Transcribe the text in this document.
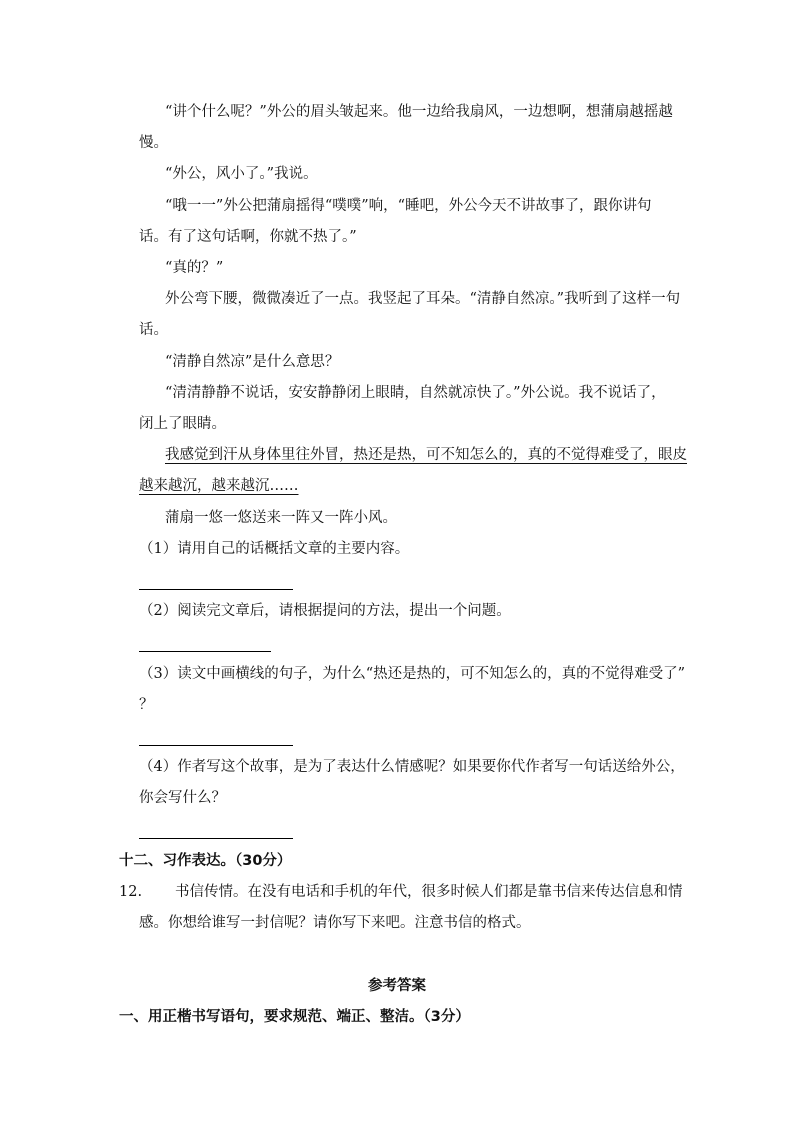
“讲个什么呢？”外公的眉头皱起来。他一边给我扇风，一边想啊，想蒲扇越摇越
慢。
“外公，风小了。”我说。
“哦一一”外公把蒲扇摇得“噗噗”响，“睡吧，外公今天不讲故事了，跟你讲句
话。有了这句话啊，你就不热了。”
“真的？”
外公弯下腰，微微凑近了一点。我竖起了耳朵。“清静自然凉。”我听到了这样一句
话。
“清静自然凉”是什么意思？
“清清静静不说话，安安静静闭上眼睛，自然就凉快了。”外公说。我不说话了，
闭上了眼睛。
我感觉到汗从身体里往外冒，热还是热，可不知怎么的，真的不觉得难受了，眼皮
越来越沉，越来越沉……
蒲扇一悠一悠送来一阵又一阵小风。
（1）请用自己的话概括文章的主要内容。
（2）阅读完文章后，请根据提问的方法，提出一个问题。
（3）读文中画横线的句子，为什么“热还是热的，可不知怎么的，真的不觉得难受了”
？
（4）作者写这个故事，是为了表达什么情感呢？如果要你代作者写一句话送给外公，
你会写什么？
十二、习作表达。（30分）
12. 书信传情。在没有电话和手机的年代，很多时候人们都是靠书信来传达信息和情
感。你想给谁写一封信呢？请你写下来吧。注意书信的格式。
参考答案
一、用正楷书写语句，要求规范、端正、整洁。（3分）
